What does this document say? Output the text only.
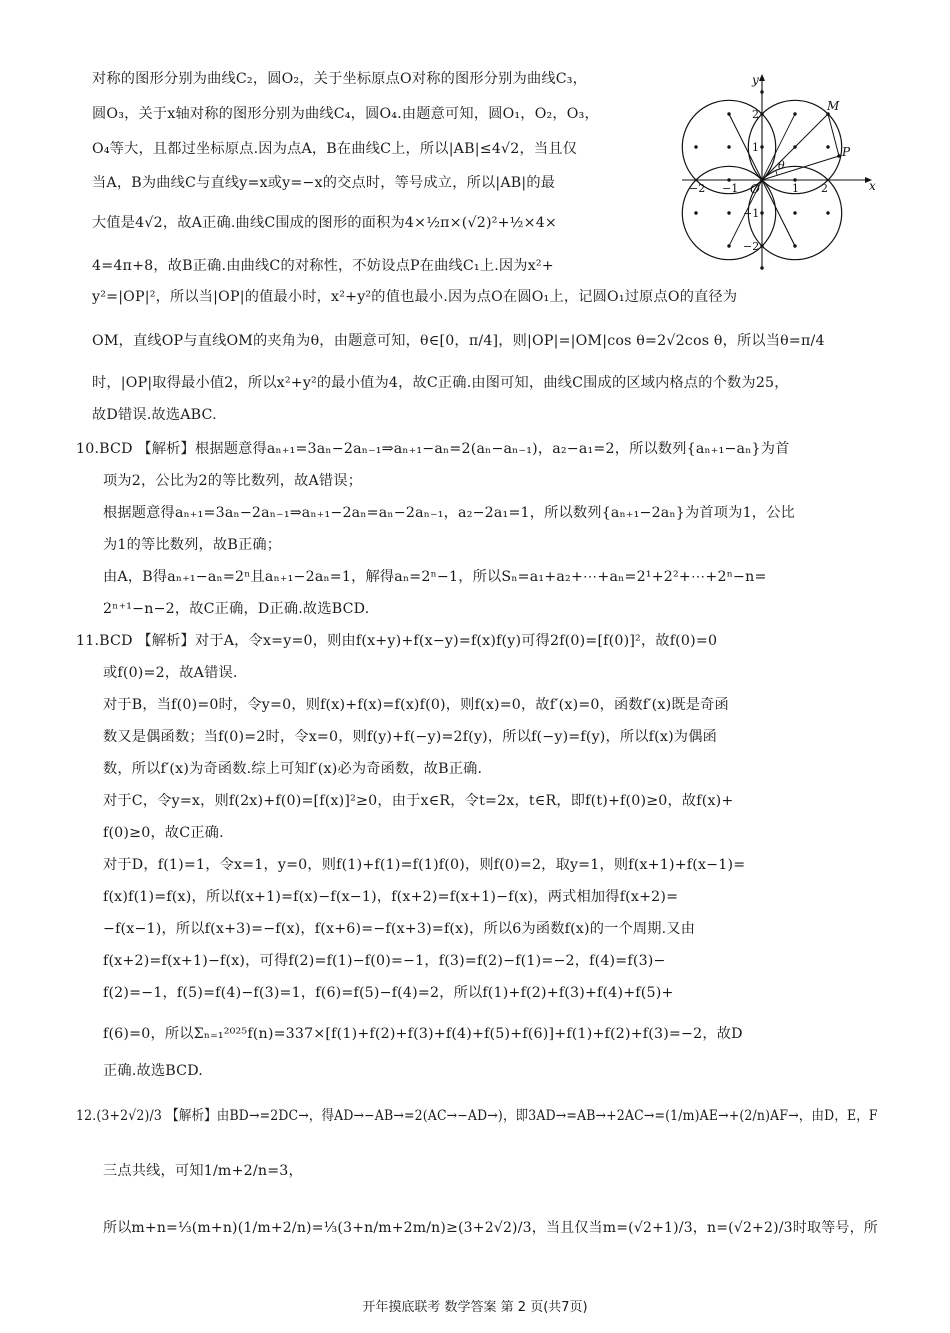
对称的图形分别为曲线C₂，圆O₂，关于坐标原点O对称的图形分别为曲线C₃，
圆O₃，关于x轴对称的图形分别为曲线C₄，圆O₄.由题意可知，圆O₁，O₂，O₃，
O₄等大，且都过坐标原点.因为点A，B在曲线C上，所以|AB|≤4√2，当且仅
当A，B为曲线C与直线y=x或y=−x的交点时，等号成立，所以|AB|的最
大值是4√2，故A正确.曲线C围成的图形的面积为4×½π×(√2)²+½×4×
4=4π+8，故B正确.由曲线C的对称性，不妨设点P在曲线C₁上.因为x²+
y²=|OP|²，所以当|OP|的值最小时，x²+y²的值也最小.因为点O在圆O₁上，记圆O₁过原点O的直径为
OM，直线OP与直线OM的夹角为θ，由题意可知，θ∈[0，π/4]，则|OP|=|OM|cos θ=2√2cos θ，所以当θ=π/4
时，|OP|取得最小值2，所以x²+y²的最小值为4，故C正确.由图可知，曲线C围成的区域内格点的个数为25，
故D错误.故选ABC.
10.BCD 【解析】根据题意得aₙ₊₁=3aₙ−2aₙ₋₁⇒aₙ₊₁−aₙ=2(aₙ−aₙ₋₁)，a₂−a₁=2，所以数列{aₙ₊₁−aₙ}为首
项为2，公比为2的等比数列，故A错误；
根据题意得aₙ₊₁=3aₙ−2aₙ₋₁⇒aₙ₊₁−2aₙ=aₙ−2aₙ₋₁，a₂−2a₁=1，所以数列{aₙ₊₁−2aₙ}为首项为1，公比
为1的等比数列，故B正确；
由A，B得aₙ₊₁−aₙ=2ⁿ且aₙ₊₁−2aₙ=1，解得aₙ=2ⁿ−1，所以Sₙ=a₁+a₂+⋯+aₙ=2¹+2²+⋯+2ⁿ−n=
2ⁿ⁺¹−n−2，故C正确，D正确.故选BCD.
11.BCD 【解析】对于A，令x=y=0，则由f(x+y)+f(x−y)=f(x)f(y)可得2f(0)=[f(0)]²，故f(0)=0
或f(0)=2，故A错误.
对于B，当f(0)=0时，令y=0，则f(x)+f(x)=f(x)f(0)，则f(x)=0，故f′(x)=0，函数f′(x)既是奇函
数又是偶函数；当f(0)=2时，令x=0，则f(y)+f(−y)=2f(y)，所以f(−y)=f(y)，所以f(x)为偶函
数，所以f′(x)为奇函数.综上可知f′(x)必为奇函数，故B正确.
对于C，令y=x，则f(2x)+f(0)=[f(x)]²≥0，由于x∈R，令t=2x，t∈R，即f(t)+f(0)≥0，故f(x)+
f(0)≥0，故C正确.
对于D，f(1)=1，令x=1，y=0，则f(1)+f(1)=f(1)f(0)，则f(0)=2，取y=1，则f(x+1)+f(x−1)=
f(x)f(1)=f(x)，所以f(x+1)=f(x)−f(x−1)，f(x+2)=f(x+1)−f(x)，两式相加得f(x+2)=
−f(x−1)，所以f(x+3)=−f(x)，f(x+6)=−f(x+3)=f(x)，所以6为函数f(x)的一个周期.又由
f(x+2)=f(x+1)−f(x)，可得f(2)=f(1)−f(0)=−1，f(3)=f(2)−f(1)=−2，f(4)=f(3)−
f(2)=−1，f(5)=f(4)−f(3)=1，f(6)=f(5)−f(4)=2，所以f(1)+f(2)+f(3)+f(4)+f(5)+
f(6)=0，所以Σₙ₌₁²⁰²⁵f(n)=337×[f(1)+f(2)+f(3)+f(4)+f(5)+f(6)]+f(1)+f(2)+f(3)=−2，故D
正确.故选BCD.
12.(3+2√2)/3 【解析】由BD→=2DC→，得AD→−AB→=2(AC→−AD→)，即3AD→=AB→+2AC→=(1/m)AE→+(2/n)AF→，由D，E，F
三点共线，可知1/m+2/n=3，
所以m+n=⅓(m+n)(1/m+2/n)=⅓(3+n/m+2m/n)≥(3+2√2)/3，当且仅当m=(√2+1)/3，n=(√2+2)/3时取等号，所
x
y
O
M
P
θ
−2 −1	1 2
2
1
−1
−2
开年摸底联考 数学答案 第 2 页(共7页)
